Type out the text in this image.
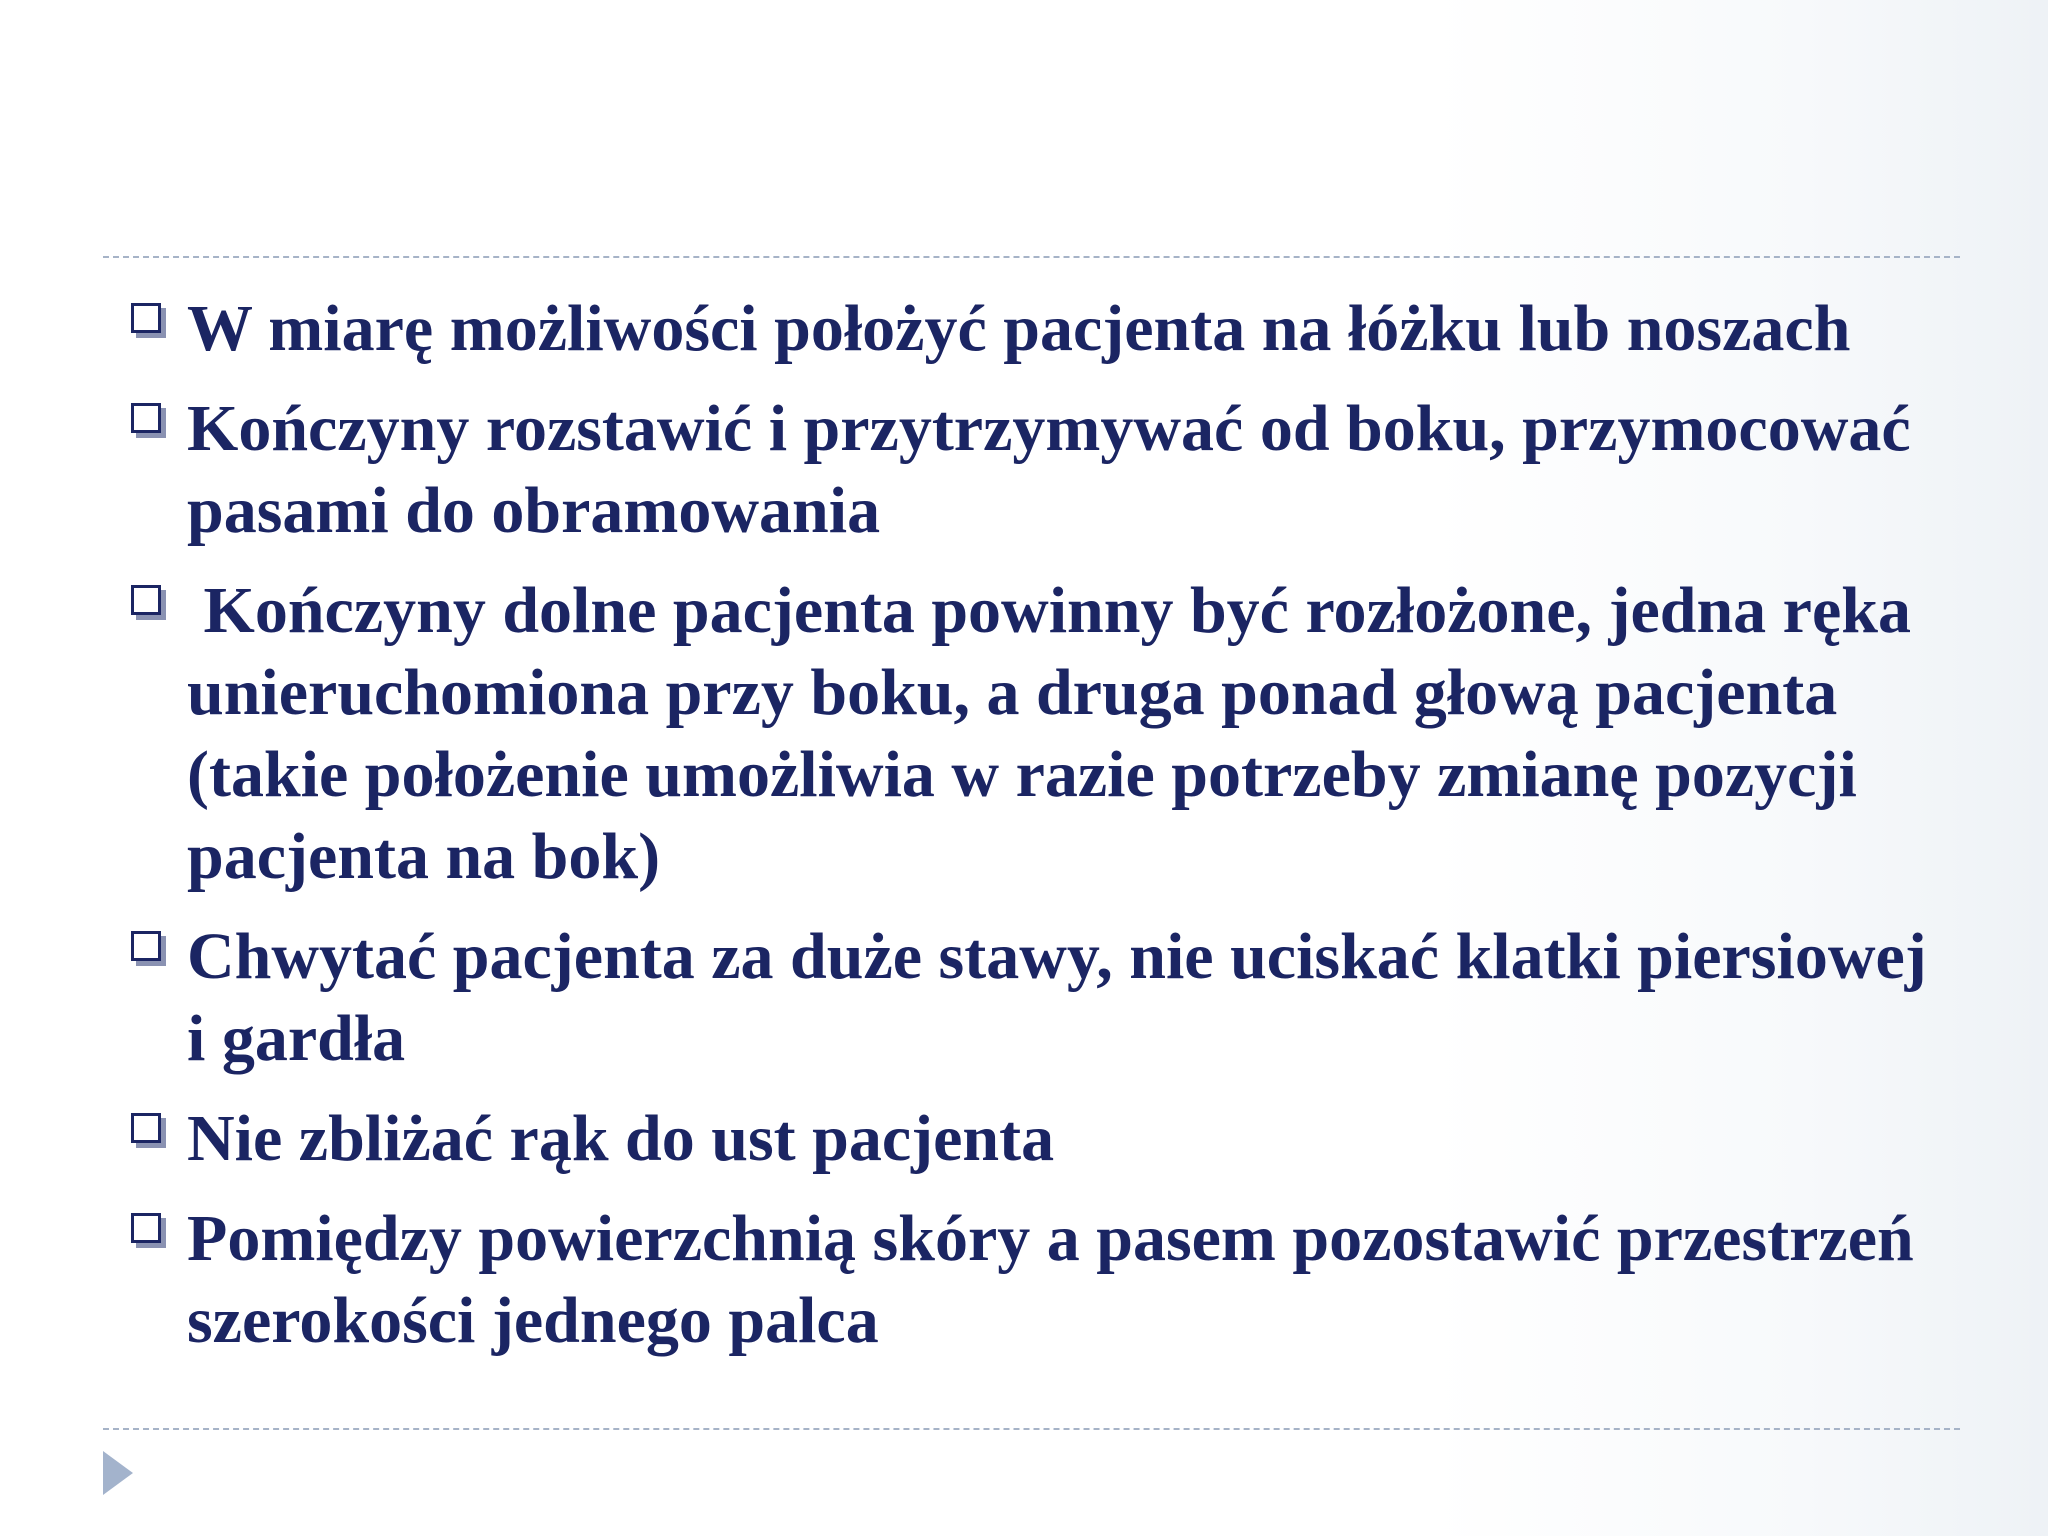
W miarę możliwości położyć pacjenta na łóżku lub noszach
Kończyny rozstawić i przytrzymywać od boku, przymocować pasami do obramowania
Kończyny dolne pacjenta powinny być rozłożone, jedna ręka unieruchomiona przy boku, a druga ponad głową pacjenta (takie położenie umożliwia w razie potrzeby zmianę pozycji pacjenta na bok)
Chwytać pacjenta za duże stawy, nie uciskać klatki piersiowej i gardła
Nie zbliżać rąk do ust pacjenta
Pomiędzy powierzchnią skóry a pasem pozostawić przestrzeń szerokości jednego palca
